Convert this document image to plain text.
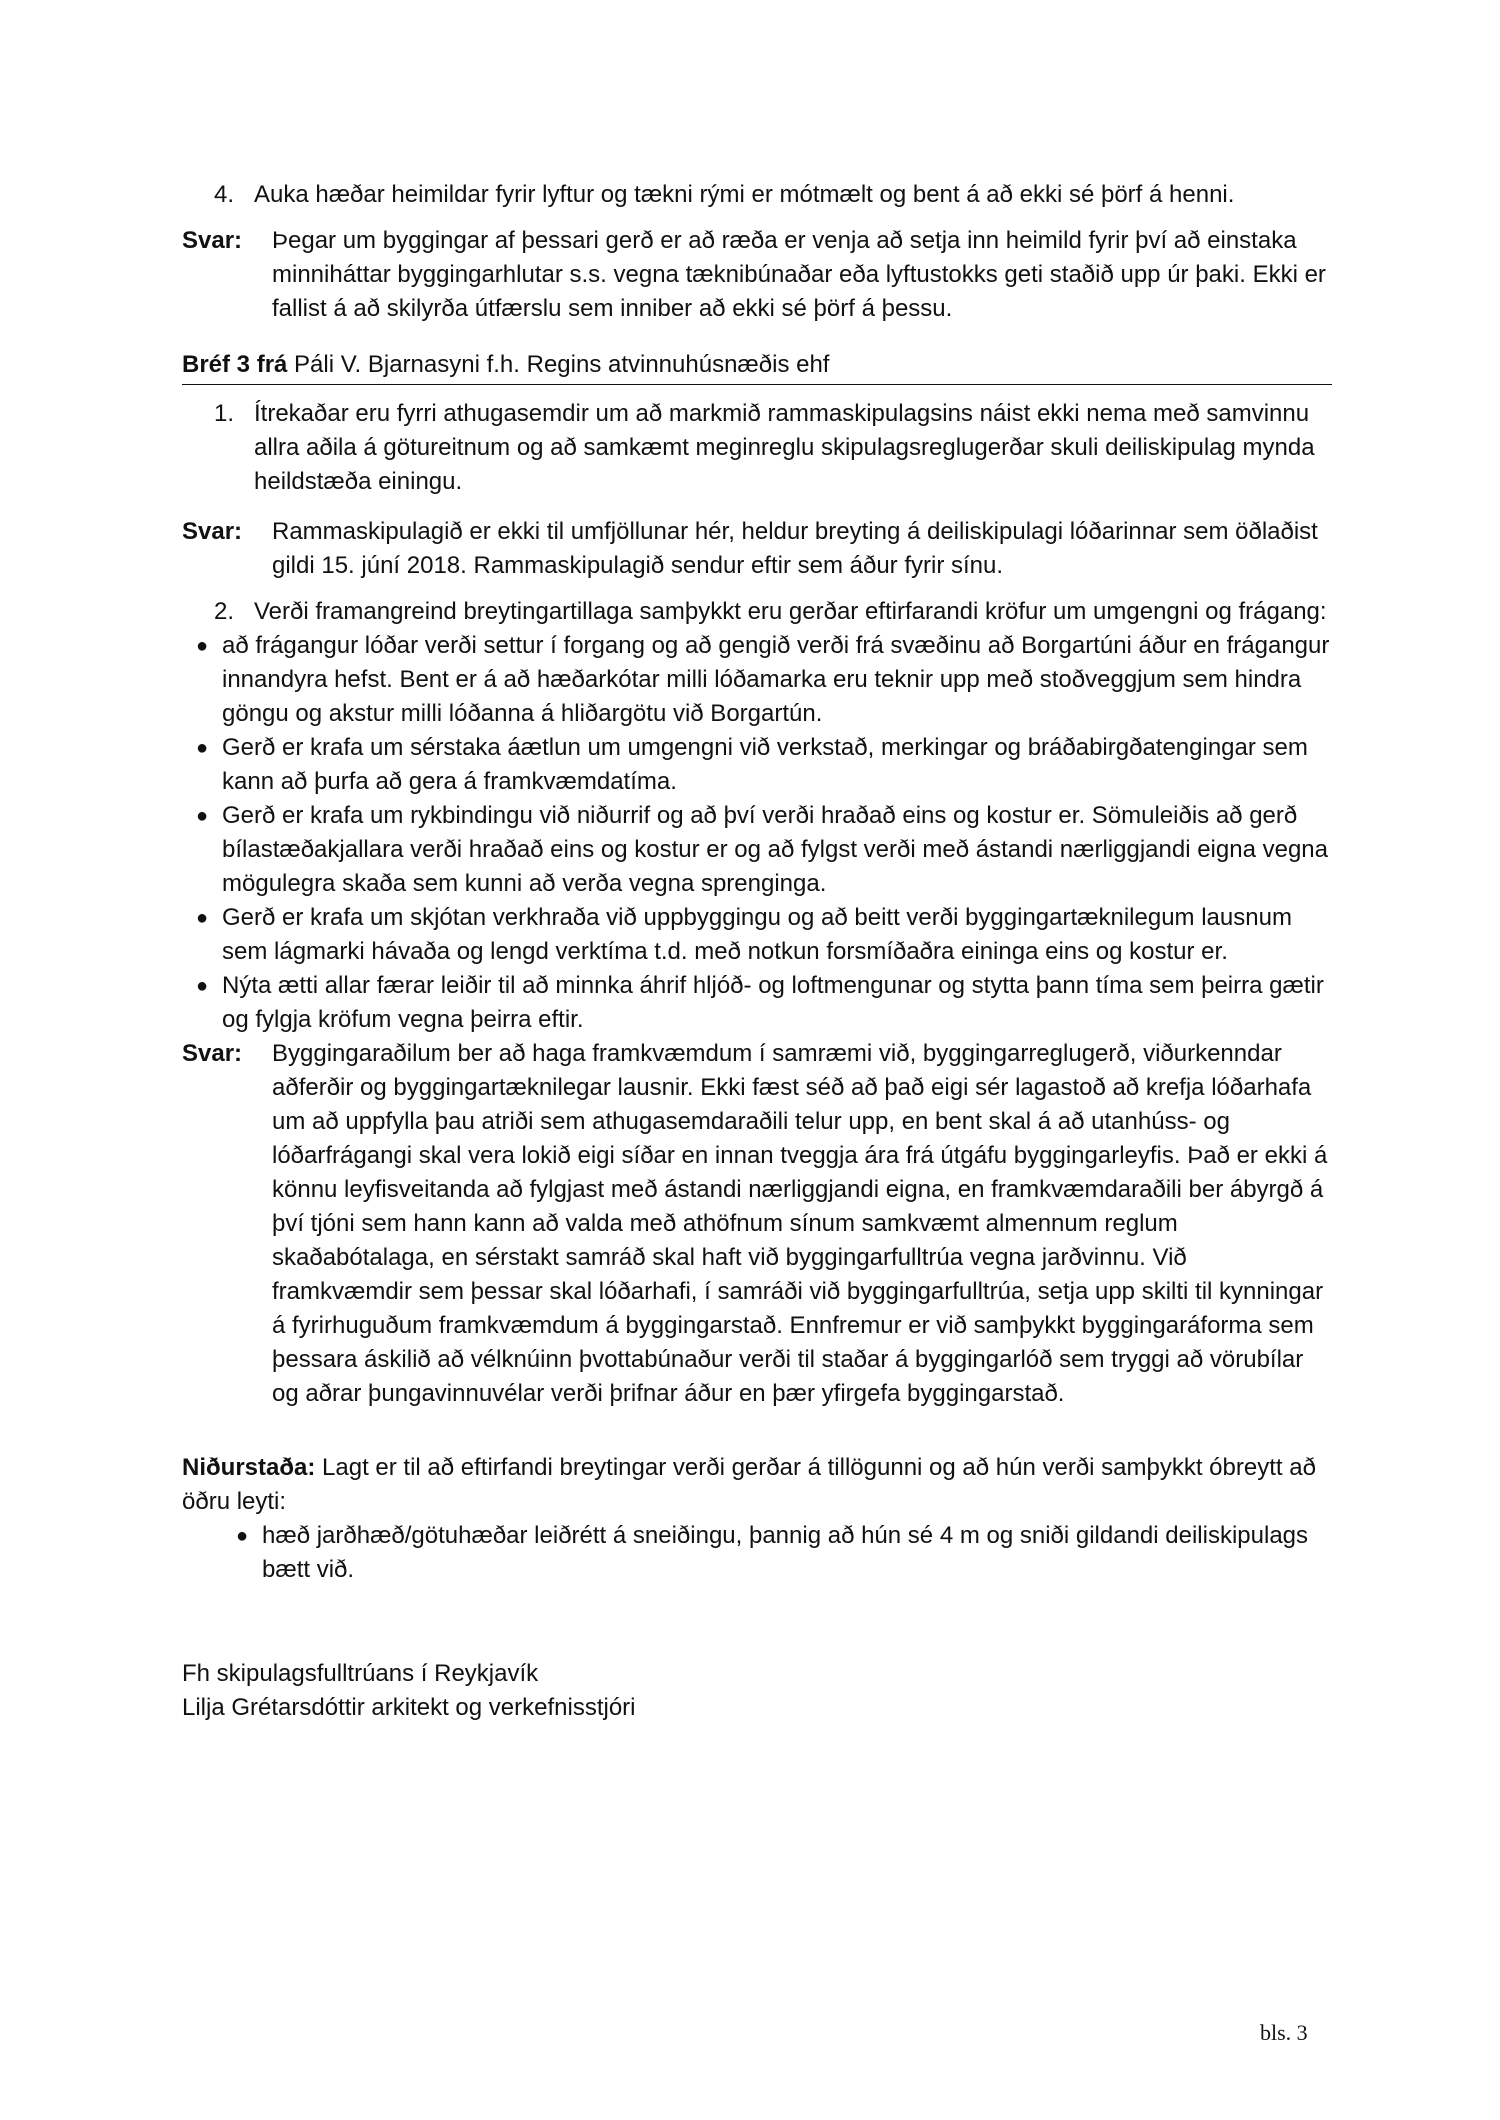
4. Auka hæðar heimildar fyrir lyftur og tækni rými er mótmælt og bent á að ekki sé þörf á henni.
Svar:	Þegar um byggingar af þessari gerð er að ræða er venja að setja inn heimild fyrir því að einstaka minniháttar byggingarhlutar s.s. vegna tæknibúnaðar eða lyftustokks geti staðið upp úr þaki. Ekki er fallist á að skilyrða útfærslu sem inniber að ekki sé þörf á þessu.
Bréf 3 frá Páli V. Bjarnasyni f.h. Regins atvinnuhúsnæðis ehf
1. Ítrekaðar eru fyrri athugasemdir um að markmið rammaskipulagsins náist ekki nema með samvinnu allra aðila á götureitnum og að samkæmt meginreglu skipulagsreglugerðar skuli deiliskipulag mynda heildstæða einingu.
Svar:	Rammaskipulagið er ekki til umfjöllunar hér, heldur breyting á deiliskipulagi lóðarinnar sem öðlaðist gildi 15. júní 2018. Rammaskipulagið sendur eftir sem áður fyrir sínu.
2. Verði framangreind breytingartillaga samþykkt eru gerðar eftirfarandi kröfur um umgengni og frágang:
● að frágangur lóðar verði settur í forgang og að gengið verði frá svæðinu að Borgartúni áður en frágangur innandyra hefst. Bent er á að hæðarkótar milli lóðamarka eru teknir upp með stoðveggjum sem hindra göngu og akstur milli lóðanna á hliðargötu við Borgartún.
● Gerð er krafa um sérstaka áætlun um umgengni við verkstað, merkingar og bráðabirgðatengingar sem kann að þurfa að gera á framkvæmdatíma.
● Gerð er krafa um rykbindingu við niðurrif og að því verði hraðað eins og kostur er. Sömuleiðis að gerð bílastæðakjallara verði hraðað eins og kostur er og að fylgst verði með ástandi nærliggjandi eigna vegna mögulegra skaða sem kunni að verða vegna sprenginga.
● Gerð er krafa um skjótan verkhraða við uppbyggingu og að beitt verði byggingartæknilegum lausnum sem lágmarki hávaða og lengd verktíma t.d. með notkun forsmíðaðra eininga eins og kostur er.
● Nýta ætti allar færar leiðir til að minnka áhrif hljóð- og loftmengunar og stytta þann tíma sem þeirra gætir og fylgja kröfum vegna þeirra eftir.
Svar:	Byggingaraðilum ber að haga framkvæmdum í samræmi við, byggingarreglugerð, viðurkenndar aðferðir og byggingartæknilegar lausnir. Ekki fæst séð að það eigi sér lagastoð að krefja lóðarhafa um að uppfylla þau atriði sem athugasemdaraðili telur upp, en bent skal á að utanhúss- og lóðarfrágangi skal vera lokið eigi síðar en innan tveggja ára frá útgáfu byggingarleyfis. Það er ekki á könnu leyfisveitanda að fylgjast með ástandi nærliggjandi eigna, en framkvæmdaraðili ber ábyrgð á því tjóni sem hann kann að valda með athöfnum sínum samkvæmt almennum reglum skaðabótalaga, en sérstakt samráð skal haft við byggingarfulltrúa vegna jarðvinnu. Við framkvæmdir sem þessar skal lóðarhafi, í samráði við byggingarfulltrúa, setja upp skilti til kynningar á fyrirhuguðum framkvæmdum á byggingarstað. Ennfremur er við samþykkt byggingaráforma sem þessara áskilið að vélknúinn þvottabúnaður verði til staðar á byggingarlóð sem tryggi að vörubílar og aðrar þungavinnuvélar verði þrifnar áður en þær yfirgefa byggingarstað.
Niðurstaða: Lagt er til að eftirfandi breytingar verði gerðar á tillögunni og að hún verði samþykkt óbreytt að öðru leyti:
● hæð jarðhæð/götuhæðar leiðrétt á sneiðingu, þannig að hún sé 4 m og sniði gildandi deiliskipulags bætt við.
Fh skipulagsfulltrúans í Reykjavík
Lilja Grétarsdóttir arkitekt og verkefnisstjóri
bls. 3
